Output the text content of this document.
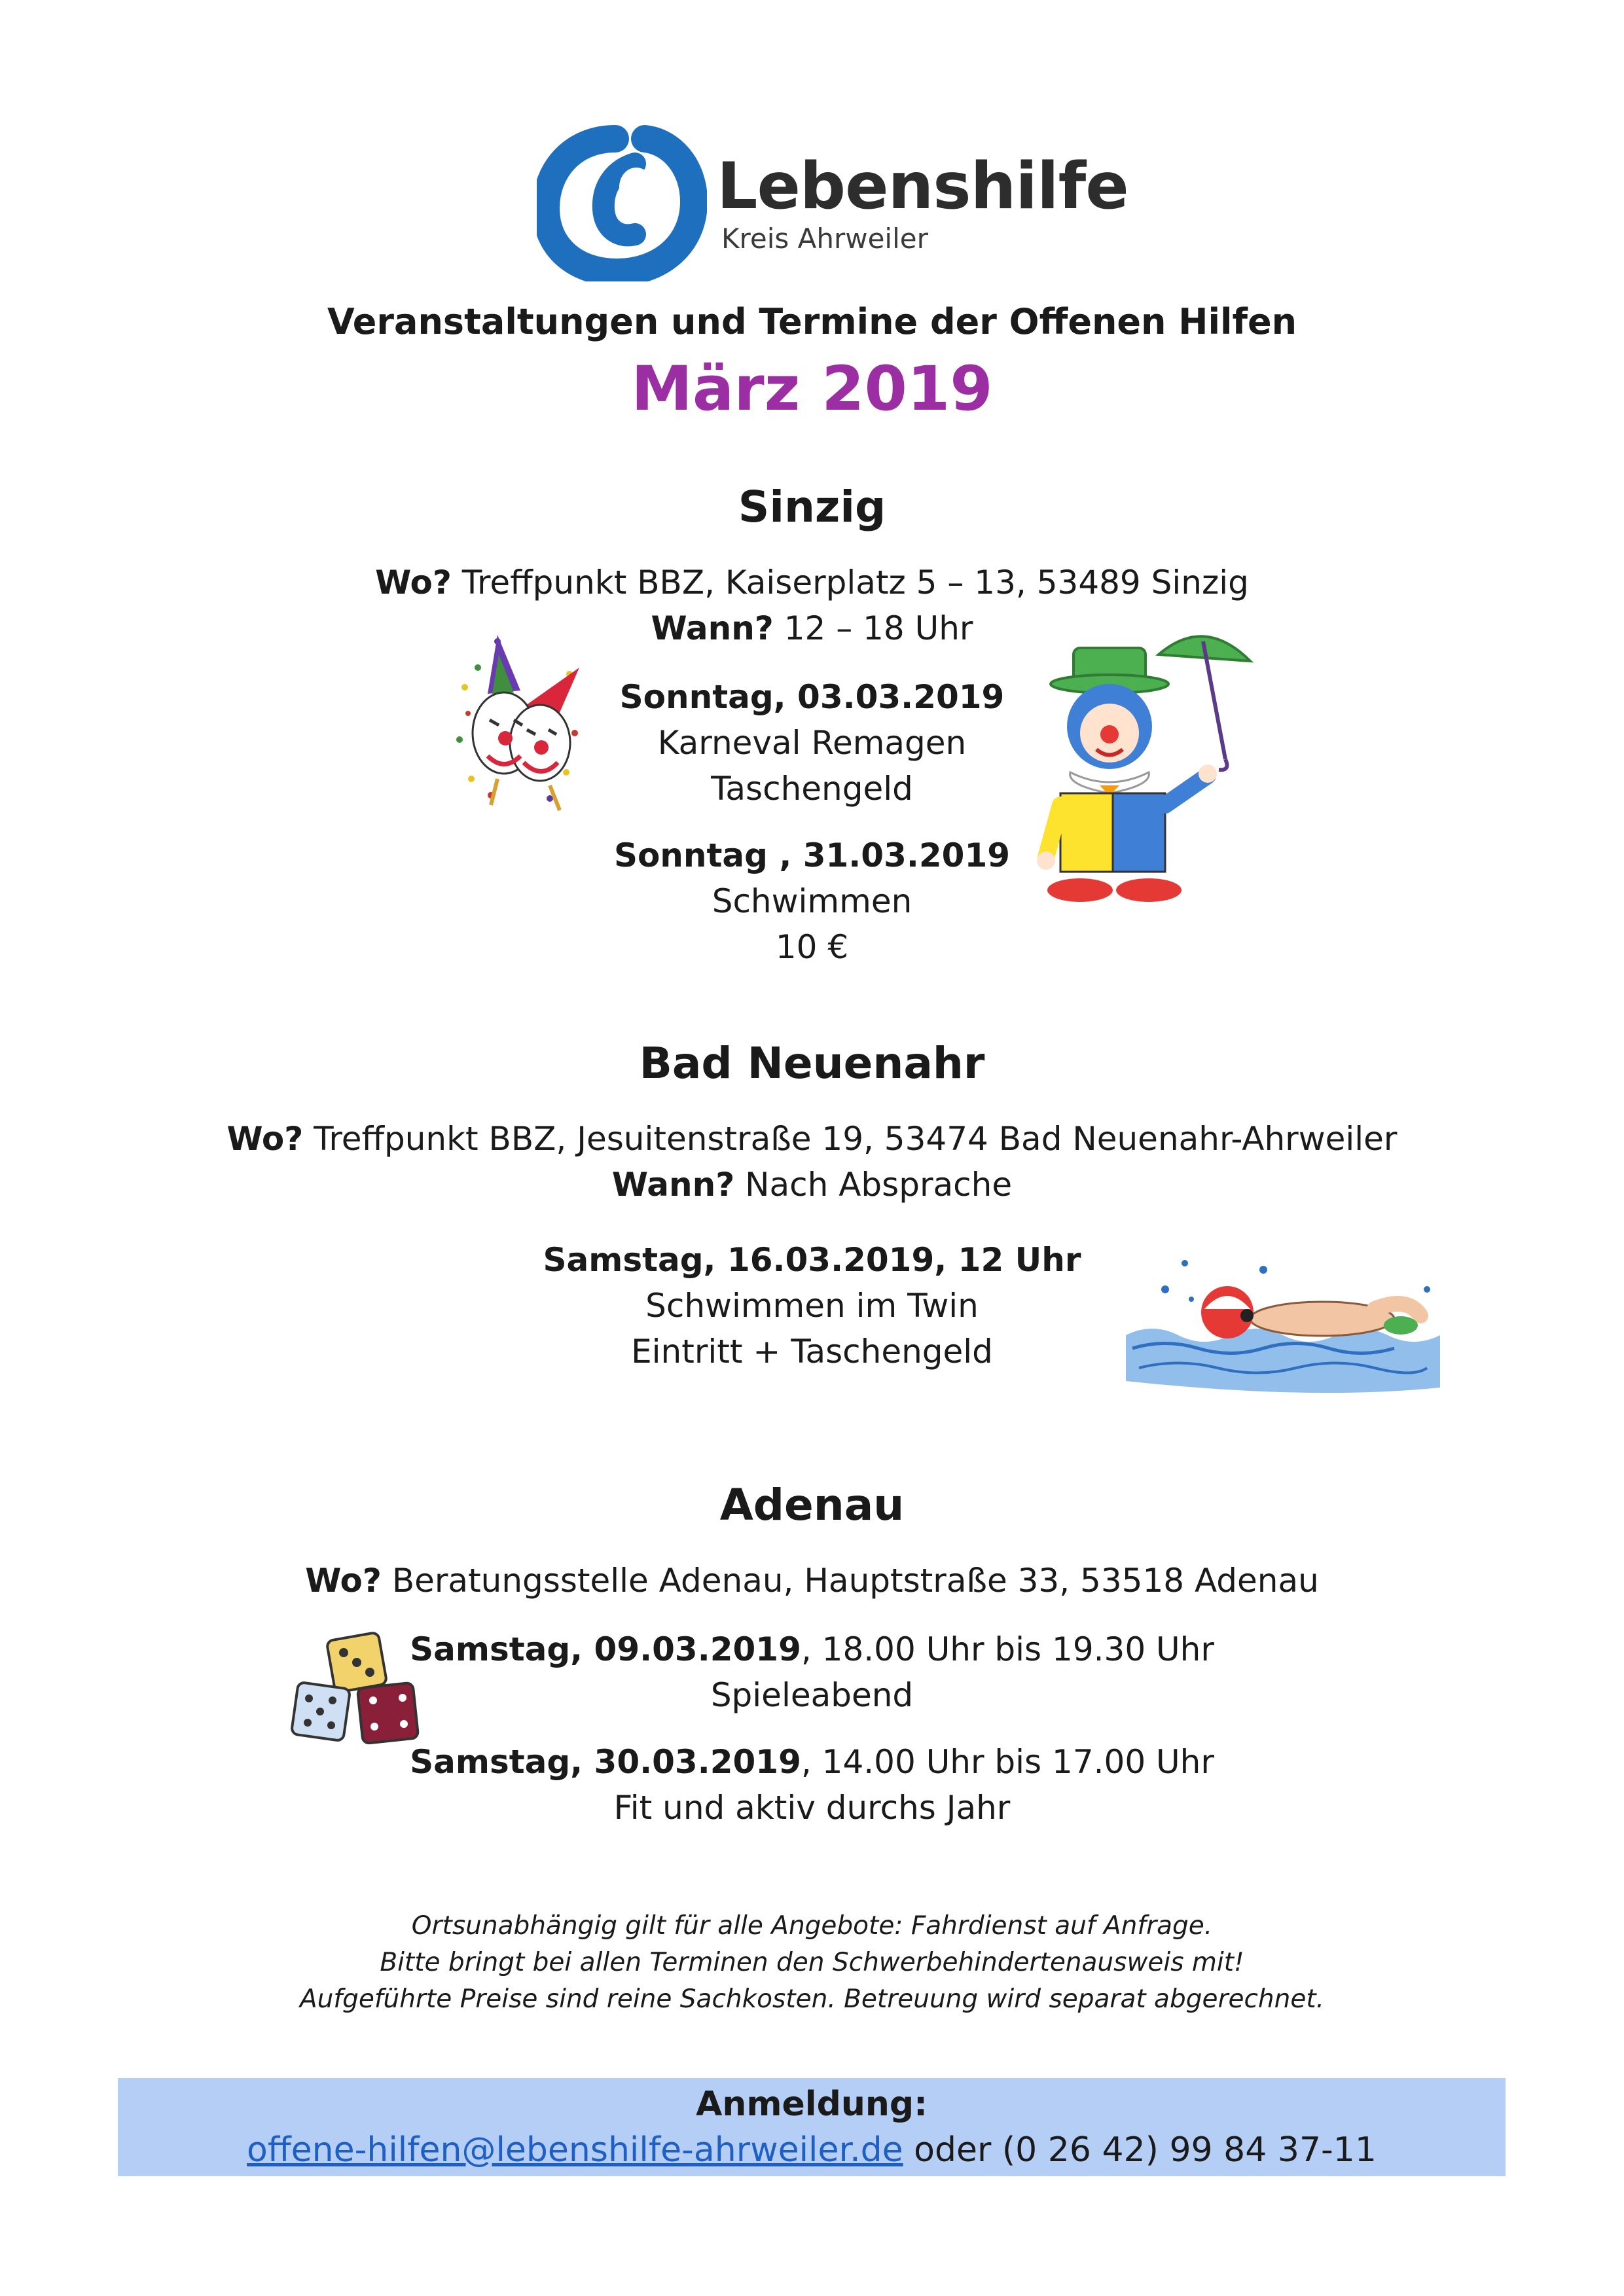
Lebenshilfe
Kreis Ahrweiler
Veranstaltungen und Termine der Offenen Hilfen
März 2019
Sinzig
Wo? Treffpunkt BBZ, Kaiserplatz 5 – 13, 53489 Sinzig
Wann? 12 – 18 Uhr
Sonntag, 03.03.2019
Karneval Remagen
Taschengeld
Sonntag , 31.03.2019
Schwimmen
10 €
Bad Neuenahr
Wo? Treffpunkt BBZ, Jesuitenstraße 19, 53474 Bad Neuenahr-Ahrweiler
Wann? Nach Absprache
Samstag, 16.03.2019, 12 Uhr
Schwimmen im Twin
Eintritt + Taschengeld
Adenau
Wo? Beratungsstelle Adenau, Hauptstraße 33, 53518 Adenau
Samstag, 09.03.2019, 18.00 Uhr bis 19.30 Uhr
Spieleabend
Samstag, 30.03.2019, 14.00 Uhr bis 17.00 Uhr
Fit und aktiv durchs Jahr
Ortsunabhängig gilt für alle Angebote: Fahrdienst auf Anfrage.
Bitte bringt bei allen Terminen den Schwerbehindertenausweis mit!
Aufgeführte Preise sind reine Sachkosten. Betreuung wird separat abgerechnet.
Anmeldung:
offene-hilfen@lebenshilfe-ahrweiler.de oder (0 26 42) 99 84 37-11
